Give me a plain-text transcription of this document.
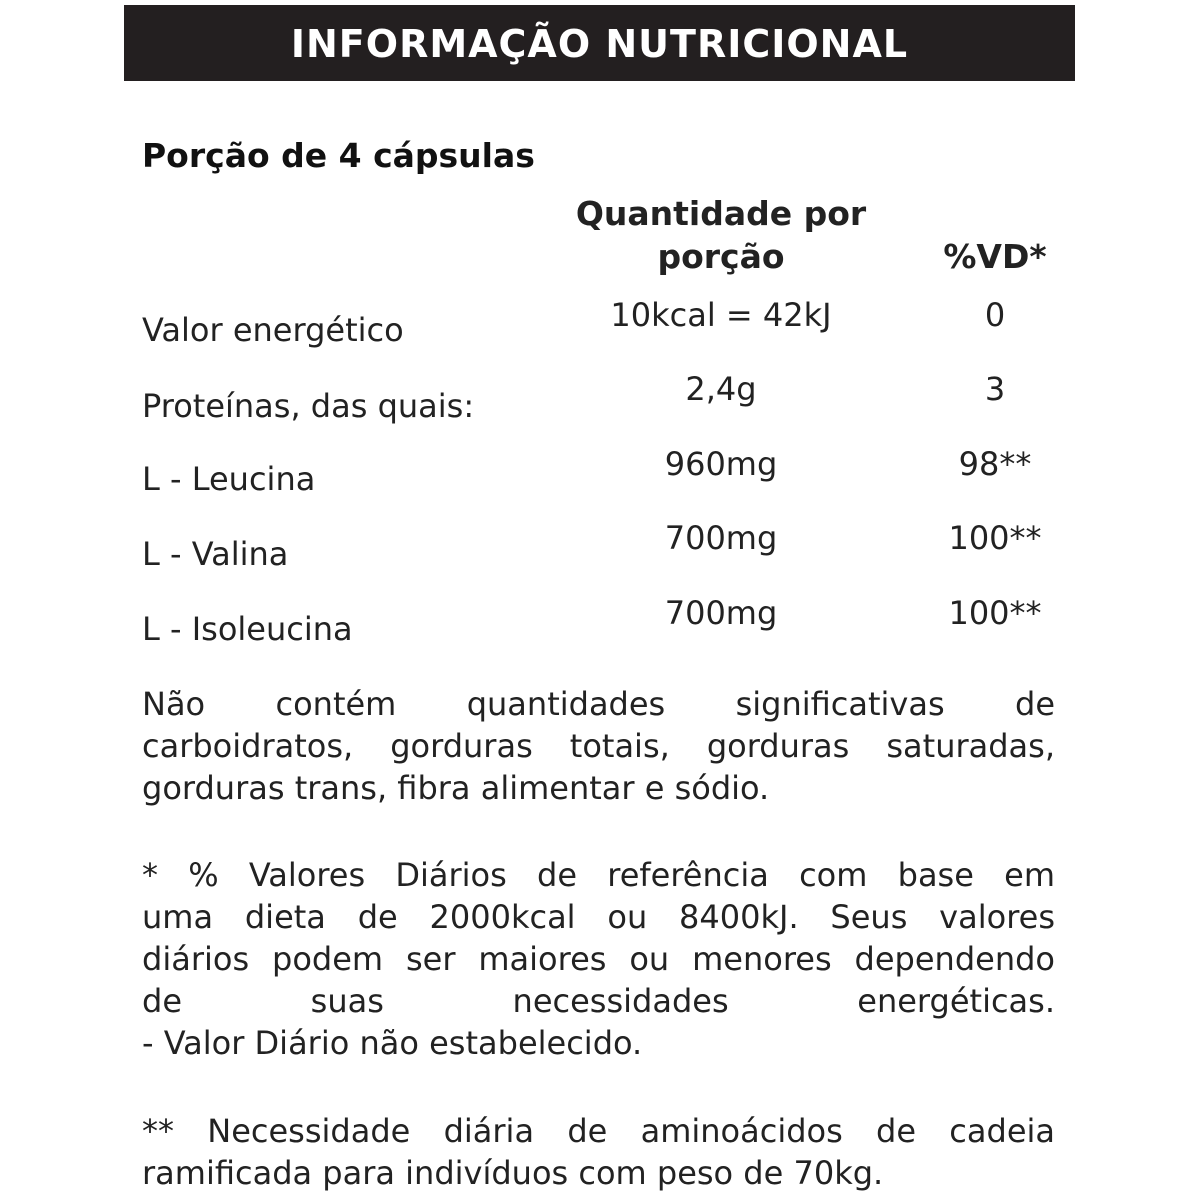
INFORMAÇÃO NUTRICIONAL
Porção de 4 cápsulas
Quantidade por
porção	%VD*
Valor energético	10kcal = 42kJ	0
Proteínas, das quais:	2,4g	3
L - Leucina	960mg	98**
L - Valina	700mg	100**
L - Isoleucina	700mg	100**
Não contém quantidades significativas de
carboidratos, gorduras totais, gorduras saturadas,
gorduras trans, fibra alimentar e sódio.
* % Valores Diários de referência com base em
uma dieta de 2000kcal ou 8400kJ. Seus valores
diários podem ser maiores ou menores dependendo
de suas necessidades energéticas.
- Valor Diário não estabelecido.
** Necessidade diária de aminoácidos de cadeia
ramificada para indivíduos com peso de 70kg.
